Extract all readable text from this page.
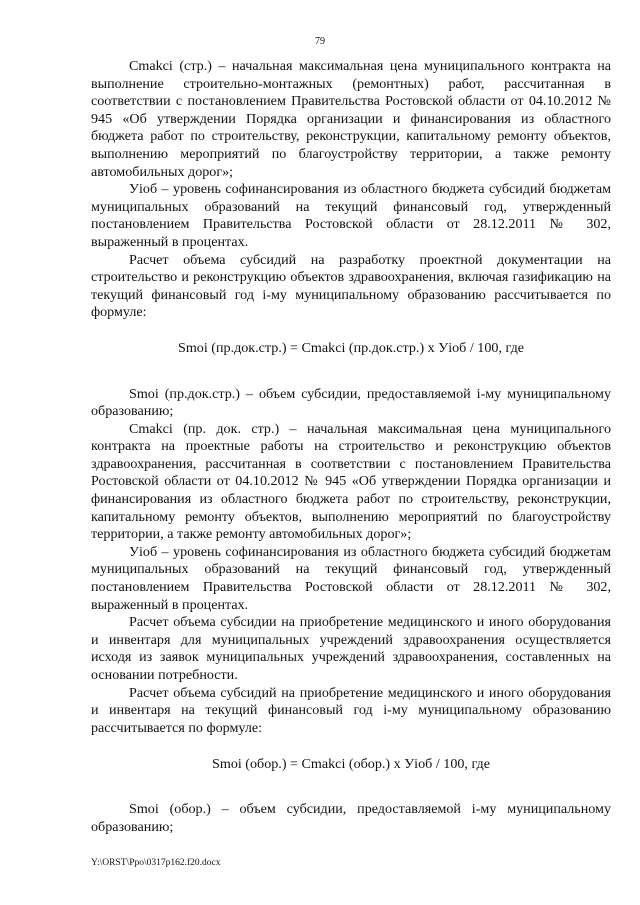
79

Cmakci (стр.) – начальная максимальная цена муниципального контракта на выполнение строительно-монтажных (ремонтных) работ, рассчитанная в соответствии с постановлением Правительства Ростовской области от 04.10.2012 № 945 «Об утверждении Порядка организации и финансирования из областного бюджета работ по строительству, реконструкции, капитальному ремонту объектов, выполнению мероприятий по благоустройству территории, а также ремонту автомобильных дорог»;

Уioб – уровень софинансирования из областного бюджета субсидий бюджетам муниципальных образований на текущий финансовый год, утвержденный постановлением Правительства Ростовской области от 28.12.2011 № 302, выраженный в процентах.

Расчет объема субсидий на разработку проектной документации на строительство и реконструкцию объектов здравоохранения, включая газификацию на текущий финансовый год i-му муниципальному образованию рассчитывается по формуле:

Smoi (пр.док.стр.) = Cmakci (пр.док.стр.) x Уioб / 100, где

Smoi (пр.док.стр.) – объем субсидии, предоставляемой i-му муниципальному образованию;

Cmakci (пр. док. стр.) – начальная максимальная цена муниципального контракта на проектные работы на строительство и реконструкцию объектов здравоохранения, рассчитанная в соответствии с постановлением Правительства Ростовской области от 04.10.2012 № 945 «Об утверждении Порядка организации и финансирования из областного бюджета работ по строительству, реконструкции, капитальному ремонту объектов, выполнению мероприятий по благоустройству территории, а также ремонту автомобильных дорог»;

Уioб – уровень софинансирования из областного бюджета субсидий бюджетам муниципальных образований на текущий финансовый год, утвержденный постановлением Правительства Ростовской области от 28.12.2011 № 302, выраженный в процентах.

Расчет объема субсидии на приобретение медицинского и иного оборудования и инвентаря для муниципальных учреждений здравоохранения осуществляется исходя из заявок муниципальных учреждений здравоохранения, составленных на основании потребности.

Расчет объема субсидий на приобретение медицинского и иного оборудования и инвентаря на текущий финансовый год i-му муниципальному образованию рассчитывается по формуле:

Smoi (обор.) = Cmakci (обор.) x Уioб / 100, где

Smoi (обор.) – объем субсидии, предоставляемой i-му муниципальному образованию;

Y:\ORST\Ppo\0317p162.f20.docx
